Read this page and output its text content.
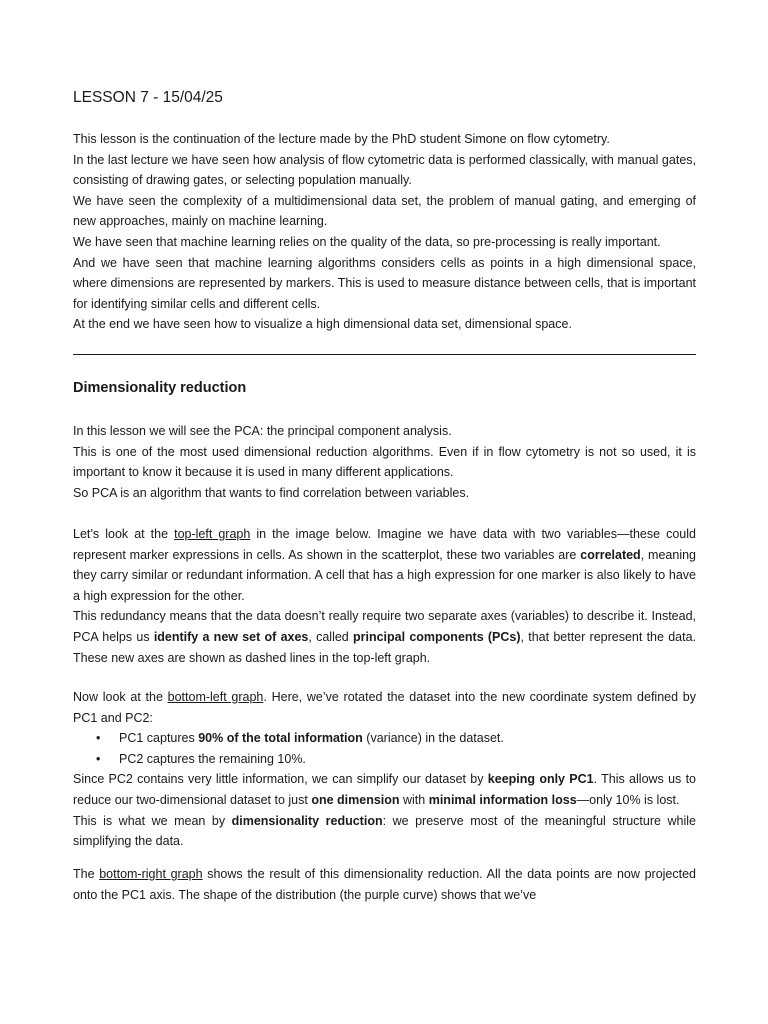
LESSON 7 - 15/04/25

This lesson is the continuation of the lecture made by the PhD student Simone on flow cytometry.

In the last lecture we have seen how analysis of flow cytometric data is performed classically, with manual gates, consisting of drawing gates, or selecting population manually.

We have seen the complexity of a multidimensional data set, the problem of manual gating, and emerging of new approaches, mainly on machine learning.

We have seen that machine learning relies on the quality of the data, so pre-processing is really important.

And we have seen that machine learning algorithms considers cells as points in a high dimensional space, where dimensions are represented by markers. This is used to measure distance between cells, that is important for identifying similar cells and different cells.

At the end we have seen how to visualize a high dimensional data set, dimensional space.

Dimensionality reduction

In this lesson we will see the PCA: the principal component analysis.

This is one of the most used dimensional reduction algorithms. Even if in flow cytometry is not so used, it is important to know it because it is used in many different applications.

So PCA is an algorithm that wants to find correlation between variables.

Let’s look at the top-left graph in the image below. Imagine we have data with two variables—these could represent marker expressions in cells. As shown in the scatterplot, these two variables are correlated, meaning they carry similar or redundant information. A cell that has a high expression for one marker is also likely to have a high expression for the other.

This redundancy means that the data doesn’t really require two separate axes (variables) to describe it. Instead, PCA helps us identify a new set of axes, called principal components (PCs), that better represent the data. These new axes are shown as dashed lines in the top-left graph.

Now look at the bottom-left graph. Here, we’ve rotated the dataset into the new coordinate system defined by PC1 and PC2:

• PC1 captures 90% of the total information (variance) in the dataset.
• PC2 captures the remaining 10%.

Since PC2 contains very little information, we can simplify our dataset by keeping only PC1. This allows us to reduce our two-dimensional dataset to just one dimension with minimal information loss—only 10% is lost.

This is what we mean by dimensionality reduction: we preserve most of the meaningful structure while simplifying the data.

The bottom-right graph shows the result of this dimensionality reduction. All the data points are now projected onto the PC1 axis. The shape of the distribution (the purple curve) shows that we’ve
